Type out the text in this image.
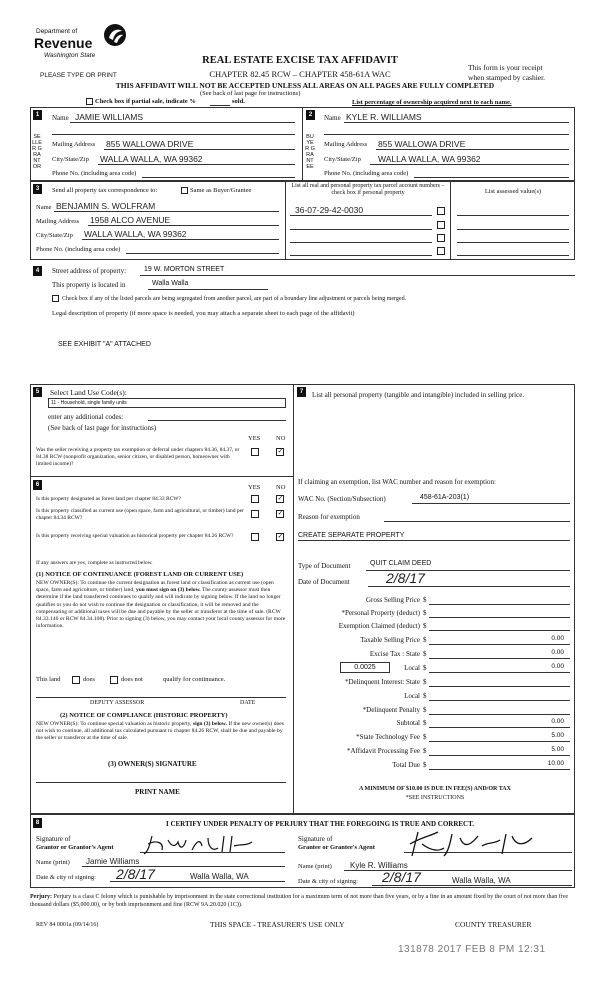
Department of
Revenue
Washington State
PLEASE TYPE OR PRINT
REAL ESTATE EXCISE TAX AFFIDAVIT
CHAPTER 82.45 RCW – CHAPTER 458-61A WAC
This form is your receipt
when stamped by cashier.
THIS AFFIDAVIT WILL NOT BE ACCEPTED UNLESS ALL AREAS ON ALL PAGES ARE FULLY COMPLETED
(See back of last page for instructions)
Check box if partial sale, indicate %	sold.	List percentage of ownership acquired next to each name.
1
SELLER GRANTOR
Name JAMIE WILLIAMS
Mailing Address 855 WALLOWA DRIVE
City/State/Zip WALLA WALLA, WA 99362
Phone No. (including area code)
2
BUYER GRANTEE
Name KYLE R. WILLIAMS
Mailing Address 855 WALLOWA DRIVE
City/State/Zip WALLA WALLA, WA 99362
Phone No. (including area code)
3	Send all property tax correspondence to:	Same as Buyer/Grantee
Name BENJAMIN S. WOLFRAM
Mailing Address 1958 ALCO AVENUE
City/State/Zip WALLA WALLA, WA 99362
Phone No. (including area code)
List all real and personal property tax parcel account numbers – check box if personal property	List assessed value(s)
36-07-29-42-0030
4	Street address of property:	19 W. MORTON STREET
This property is located in	Walla Walla
Check box if any of the listed parcels are being segregated from another parcel, are part of a boundary line adjustment or parcels being merged.
Legal description of property (if more space is needed, you may attach a separate sheet to each page of the affidavit)
SEE EXHIBIT "A" ATTACHED
5	Select Land Use Code(s):
11 - Household, single family units
enter any additional codes:
(See back of last page for instructions)
YES NO
Was the seller receiving a property tax exemption or deferral under chapters 84.36, 84.37, or 84.38 RCW (nonprofit organization, senior citizen, or disabled person, homeowner with limited income)?
✓
6	YES NO
Is this property designated as forest land per chapter 84.33 RCW?
✓
Is this property classified as current use (open space, farm and agricultural, or timber) land per chapter 84.34 RCW?
✓
Is this property receiving special valuation as historical property per chapter 84.26 RCW?
✓
If any answers are yes, complete as instructed below.
(1) NOTICE OF CONTINUANCE (FOREST LAND OR CURRENT USE)
NEW OWNER(S): To continue the current designation as forest land or classification as current use (open space, farm and agriculture, or timber) land, you must sign on (3) below. The county assessor must then determine if the land transferred continues to qualify and will indicate by signing below. If the land no longer qualifies or you do not wish to continue the designation or classification, it will be removed and the compensating or additional taxes will be due and payable by the seller or transferor at the time of sale. (RCW 84.33.140 or RCW 84.34.108). Prior to signing (3) below, you may contact your local county assessor for more information.
This land	does	does not	qualify for continuance.
DEPUTY ASSESSOR	DATE
(2) NOTICE OF COMPLIANCE (HISTORIC PROPERTY)
NEW OWNER(S): To continue special valuation as historic property, sign (3) below. If the new owner(s) does not wish to continue, all additional tax calculated pursuant to chapter 84.26 RCW, shall be due and payable by the seller or transferor at the time of sale.
(3) OWNER(S) SIGNATURE
PRINT NAME
7	List all personal property (tangible and intangible) included in selling price.
If claiming an exemption, list WAC number and reason for exemption:
WAC No. (Section/Subsection)	458-61A-203(1)
Reason for exemption
CREATE SEPARATE PROPERTY
Type of Document	QUIT CLAIM DEED
Date of Document	2/8/17
Gross Selling Price $
*Personal Property (deduct) $
Exemption Claimed (deduct) $
Taxable Selling Price $	0.00
Excise Tax : State $	0.00
Local $	0.00
*Delinquent Interest: State $
Local $
*Delinquent Penalty $
Subtotal $	0.00
*State Technology Fee $	5.00
*Affidavit Processing Fee $	5.00
Total Due $	10.00
0.0025
A MINIMUM OF $10.00 IS DUE IN FEE(S) AND/OR TAX
*SEE INSTRUCTIONS
8	I CERTIFY UNDER PENALTY OF PERJURY THAT THE FOREGOING IS TRUE AND CORRECT.
Signature of
Grantor or Grantor's Agent
Name (print) Jamie Williams
Date & city of signing: 2/8/17	Walla Walla, WA
Signature of
Grantee or Grantee's Agent
Name (print) Kyle R. Williams
Date & city of signing: 2/8/17	Walla Walla, WA
Perjury: Perjury is a class C felony which is punishable by imprisonment in the state correctional institution for a maximum term of not more than five years, or by a fine in an amount fixed by the court of not more than five thousand dollars ($5,000.00), or by both imprisonment and fine (RCW 9A.20.020 (1C)).
REV 84 0001a (09/14/16)	THIS SPACE - TREASURER'S USE ONLY	COUNTY TREASURER
131878 2017 FEB 8 PM 12:31
